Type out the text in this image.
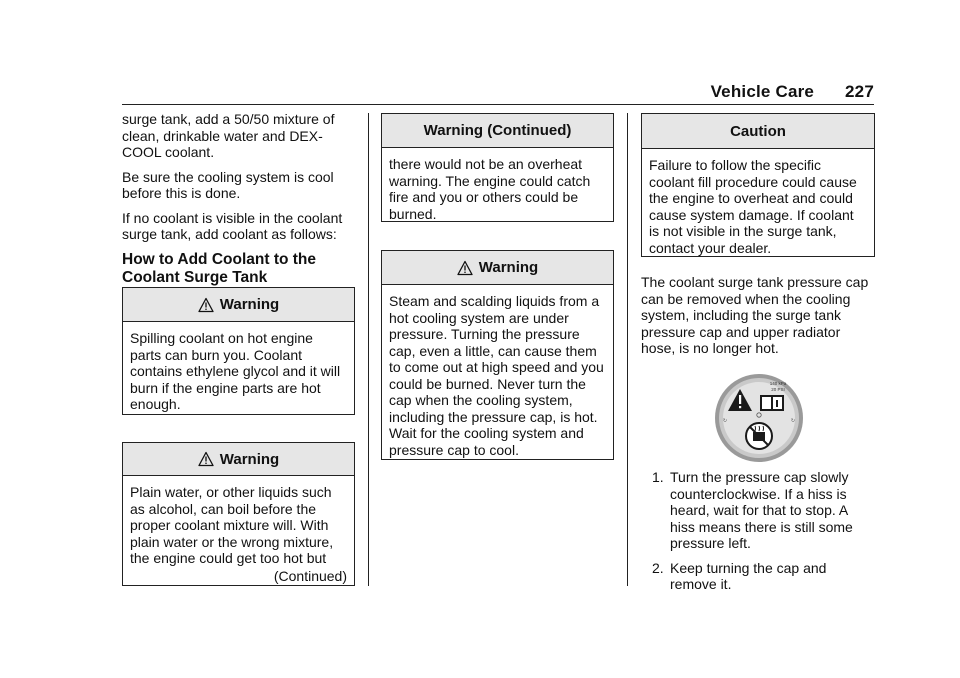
Vehicle Care 227

surge tank, add a 50/50 mixture of clean, drinkable water and DEX-COOL coolant.

Be sure the cooling system is cool before this is done.

If no coolant is visible in the coolant surge tank, add coolant as follows:

How to Add Coolant to the Coolant Surge Tank
Warning
Spilling coolant on hot engine parts can burn you. Coolant contains ethylene glycol and it will burn if the engine parts are hot enough.
Warning
Plain water, or other liquids such as alcohol, can boil before the proper coolant mixture will. With plain water or the wrong mixture, the engine could get too hot but
(Continued)
Warning (Continued)
there would not be an overheat warning. The engine could catch fire and you or others could be burned.
Warning
Steam and scalding liquids from a hot cooling system are under pressure. Turning the pressure cap, even a little, can cause them to come out at high speed and you could be burned. Never turn the cap when the cooling system, including the pressure cap, is hot. Wait for the cooling system and pressure cap to cool.
Caution
Failure to follow the specific coolant fill procedure could cause the engine to overheat and could cause system damage. If coolant is not visible in the surge tank, contact your dealer.

The coolant surge tank pressure cap can be removed when the cooling system, including the surge tank pressure cap and upper radiator hose, is no longer hot.

140 kPa
20 PSI
↻	↻
1. Turn the pressure cap slowly counterclockwise. If a hiss is heard, wait for that to stop. A hiss means there is still some pressure left.
2. Keep turning the cap and remove it.
